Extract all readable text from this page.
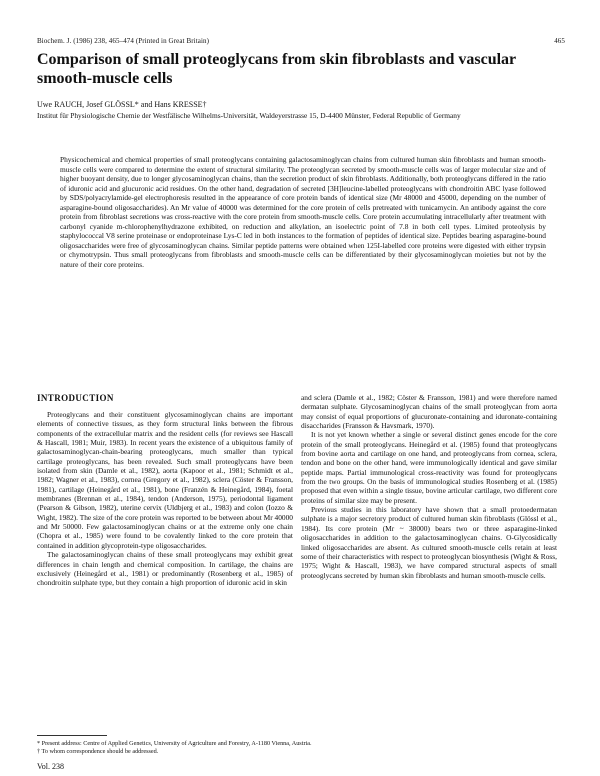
Biochem. J. (1986) 238, 465–474 (Printed in Great Britain)	465
Comparison of small proteoglycans from skin fibroblasts and vascular smooth-muscle cells
Uwe RAUCH, Josef GLÖSSL* and Hans KRESSE†
Institut für Physiologische Chemie der Westfälische Wilhelms-Universität, Waldeyerstrasse 15, D-4400 Münster, Federal Republic of Germany

Physicochemical and chemical properties of small proteoglycans containing galactosaminoglycan chains from cultured human skin fibroblasts and human smooth-muscle cells were compared to determine the extent of structural similarity. The proteoglycan secreted by smooth-muscle cells was of larger molecular size and of higher buoyant density, due to longer glycosaminoglycan chains, than the secretion product of skin fibroblasts. Additionally, both proteoglycans differed in the ratio of iduronic acid and glucuronic acid residues. On the other hand, degradation of secreted [3H]leucine-labelled proteoglycans with chondroitin ABC lyase followed by SDS/polyacrylamide-gel electrophoresis resulted in the appearance of core protein bands of identical size (Mr 48000 and 45000, depending on the number of asparagine-bound oligosaccharides). An Mr value of 40000 was determined for the core protein of cells pretreated with tunicamycin. An antibody against the core protein from fibroblast secretions was cross-reactive with the core protein from smooth-muscle cells. Core protein accumulating intracellularly after treatment with carbonyl cyanide m-chlorophenylhydrazone exhibited, on reduction and alkylation, an isoelectric point of 7.8 in both cell types. Limited proteolysis by staphylococcal V8 serine proteinase or endoproteinase Lys-C led in both instances to the formation of peptides of identical size. Peptides bearing asparagine-bound oligosaccharides were free of glycosaminoglycan chains. Similar peptide patterns were obtained when 125I-labelled core proteins were digested with either trypsin or chymotrypsin. Thus small proteoglycans from fibroblasts and smooth-muscle cells can be differentiated by their glycosaminoglycan moieties but not by the nature of their core proteins.

INTRODUCTION

Proteoglycans and their constituent glycosaminoglycan chains are important elements of connective tissues, as they form structural links between the fibrous components of the extracellular matrix and the resident cells (for reviews see Hascall & Hascall, 1981; Muir, 1983). In recent years the existence of a ubiquitous family of galactosaminoglycan-chain-bearing proteoglycans, much smaller than typical cartilage proteoglycans, has been revealed. Such small proteoglycans have been isolated from skin (Damle et al., 1982), aorta (Kapoor et al., 1981; Schmidt et al., 1982; Wagner et al., 1983), cornea (Gregory et al., 1982), sclera (Cöster & Fransson, 1981), cartilage (Heinegård et al., 1981), bone (Franzén & Heinegård, 1984), foetal membranes (Brennan et al., 1984), tendon (Anderson, 1975), periodontal ligament (Pearson & Gibson, 1982), uterine cervix (Uldbjerg et al., 1983) and colon (Iozzo & Wight, 1982). The size of the core protein was reported to be between about Mr 40000 and Mr 50000. Few galactosaminoglycan chains or at the extreme only one chain (Chopra et al., 1985) were found to be covalently linked to the core protein that contained in addition glycoprotein-type oligosaccharides.

The galactosaminoglycan chains of these small proteoglycans may exhibit great differences in chain length and chemical composition. In cartilage, the chains are exclusively (Heinegård et al., 1981) or predominantly (Rosenberg et al., 1985) of chondroitin sulphate type, but they contain a high proportion of iduronic acid in skin

and sclera (Damle et al., 1982; Cöster & Fransson, 1981) and were therefore named dermatan sulphate. Glycosaminoglycan chains of the small proteoglycan from aorta may consist of equal proportions of glucuronate-containing and iduronate-containing disaccharides (Fransson & Havsmark, 1970).

It is not yet known whether a single or several distinct genes encode for the core protein of the small proteoglycans. Heinegård et al. (1985) found that proteoglycans from bovine aorta and cartilage on one hand, and proteoglycans from cornea, sclera, tendon and bone on the other hand, were immunologically identical and gave similar peptide maps. Partial immunological cross-reactivity was found for proteoglycans from the two groups. On the basis of immunological studies Rosenberg et al. (1985) proposed that even within a single tissue, bovine articular cartilage, two different core proteins of similar size may be present.

Previous studies in this laboratory have shown that a small protoedermatan sulphate is a major secretory product of cultured human skin fibroblasts (Glössl et al., 1984). Its core protein (Mr ~ 38000) bears two or three asparagine-linked oligosaccharides in addition to the galactosaminoglycan chains. O-Glycosidically linked oligosaccharides are absent. As cultured smooth-muscle cells retain at least some of their characteristics with respect to proteoglycan biosynthesis (Wight & Ross, 1975; Wight & Hascall, 1983), we have compared structural aspects of small proteoglycans secreted by human skin fibroblasts and human smooth-muscle cells.

* Present address: Centre of Applied Genetics, University of Agriculture and Forestry, A-1180 Vienna, Austria.
† To whom correspondence should be addressed.
Vol. 238
